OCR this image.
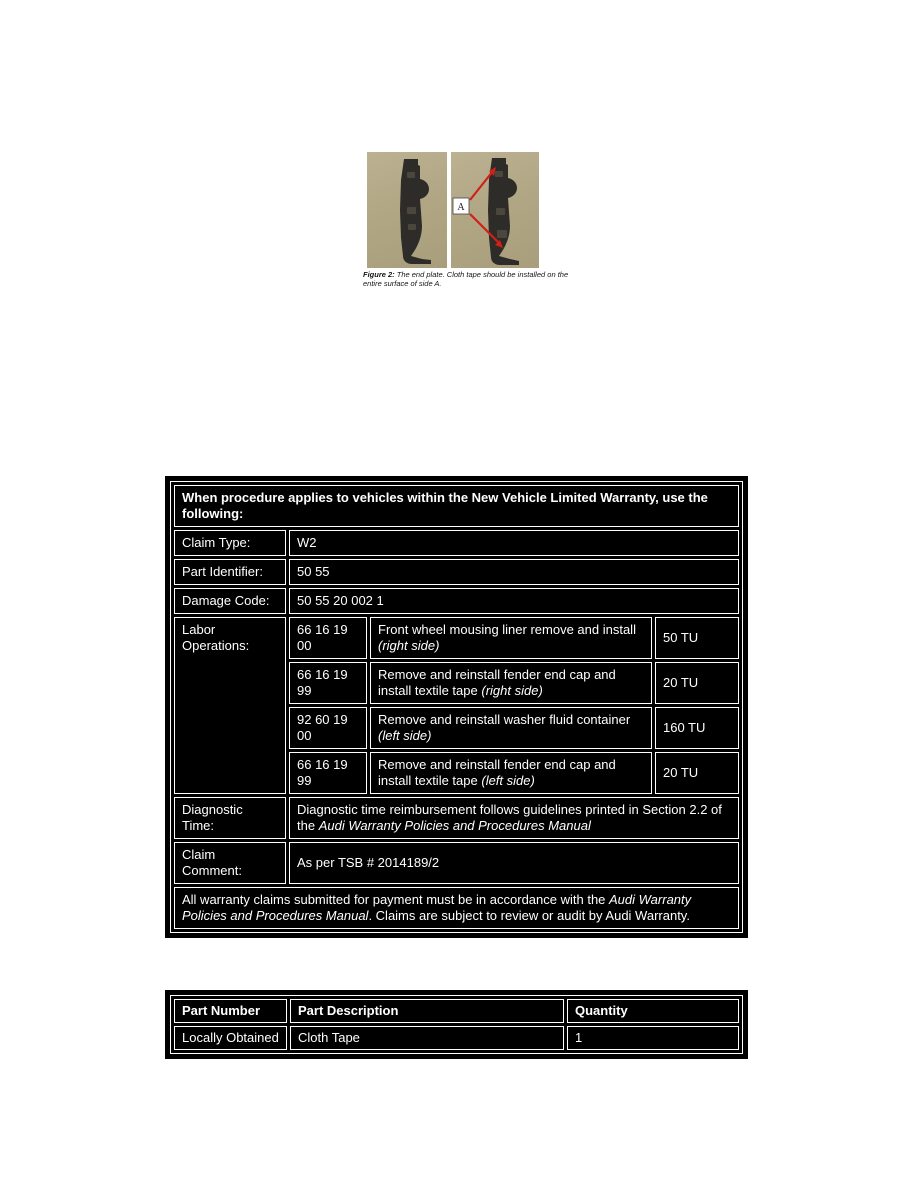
A
Figure 2: The end plate. Cloth tape should be installed on the entire surface of side A.
When procedure applies to vehicles within the New Vehicle Limited Warranty, use the following:			
Claim Type:	W2		
Part Identifier:	50 55		
Damage Code:	50 55 20 002 1		
Labor Operations:	66 16 19 00	Front wheel mousing liner remove and install (right side)	50 TU
	66 16 19 99	Remove and reinstall fender end cap and install textile tape (right side)	20 TU
	92 60 19 00	Remove and reinstall washer fluid container (left side)	160 TU
	66 16 19 99	Remove and reinstall fender end cap and install textile tape (left side)	20 TU
Diagnostic Time:	Diagnostic time reimbursement follows guidelines printed in Section 2.2 of the Audi Warranty Policies and Procedures Manual		
Claim Comment:	As per TSB # 2014189/2		
All warranty claims submitted for payment must be in accordance with the Audi Warranty Policies and Procedures Manual. Claims are subject to review or audit by Audi Warranty.			
Part Number	Part Description	Quantity
Locally Obtained	Cloth Tape	1
